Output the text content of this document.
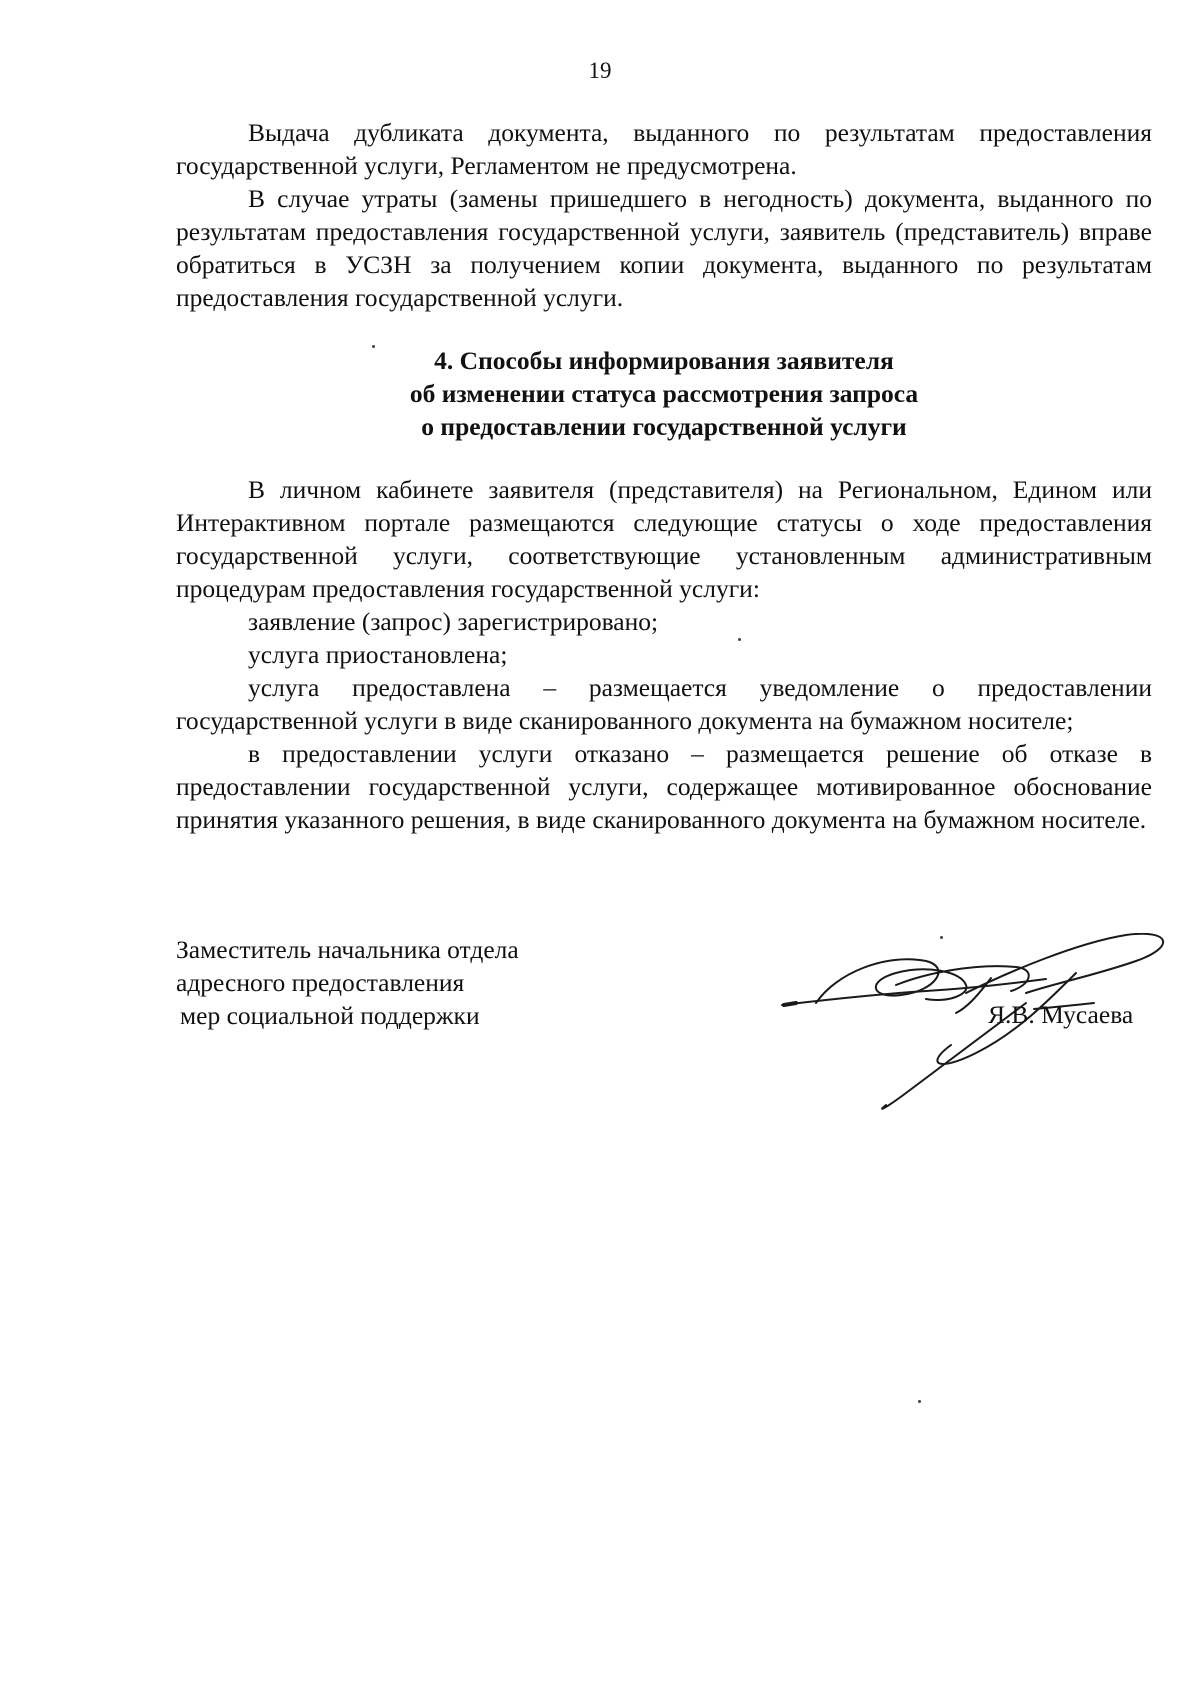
19

Выдача дубликата документа, выданного по результатам предоставления государственной услуги, Регламентом не предусмотрена.

В случае утраты (замены пришедшего в негодность) документа, выданного по результатам предоставления государственной услуги, заявитель (представитель) вправе обратиться в УСЗН за получением копии документа, выданного по результатам предоставления государственной услуги.

4. Способы информирования заявителя
об изменении статуса рассмотрения запроса
о предоставлении государственной услуги

В личном кабинете заявителя (представителя) на Региональном, Едином или Интерактивном портале размещаются следующие статусы о ходе предоставления государственной услуги, соответствующие установленным административным процедурам предоставления государственной услуги:

заявление (запрос) зарегистрировано;

услуга приостановлена;

услуга предоставлена – размещается уведомление о предоставлении государственной услуги в виде сканированного документа на бумажном носителе;

в предоставлении услуги отказано – размещается решение об отказе в предоставлении государственной услуги, содержащее мотивированное обоснование принятия указанного решения, в виде сканированного документа на бумажном носителе.

Заместитель начальника отдела
адресного предоставления
мер социальной поддержки	Я.В. Мусаева
